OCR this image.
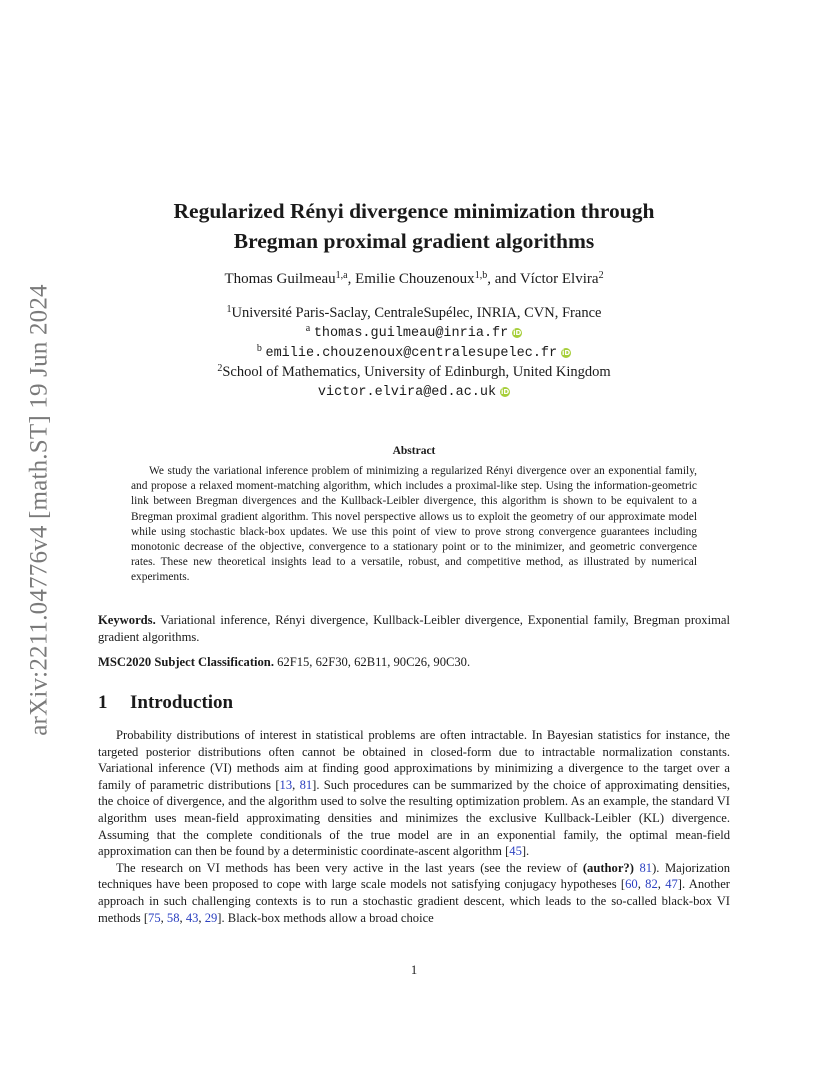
arXiv:2211.04776v4 [math.ST] 19 Jun 2024
Regularized Rényi divergence minimization through
Bregman proximal gradient algorithms
Thomas Guilmeau$^{1,a}$, Emilie Chouzenoux$^{1,b}$, and Víctor Elvira$^2$
$^1$Université Paris-Saclay, CentraleSupélec, INRIA, CVN, France
$^a$ thomas.guilmeau@inria.fr iD
$^b$ emilie.chouzenoux@centralesupelec.fr iD
$^2$School of Mathematics, University of Edinburgh, United Kingdom
victor.elvira@ed.ac.uk iD
Abstract
We study the variational inference problem of minimizing a regularized Rényi divergence over an exponential family, and propose a relaxed moment-matching algorithm, which includes a proximal-like step. Using the information-geometric link between Bregman divergences and the Kullback-Leibler divergence, this algorithm is shown to be equivalent to a Bregman proximal gradient algorithm. This novel perspective allows us to exploit the geometry of our approximate model while using stochastic black-box updates. We use this point of view to prove strong convergence guarantees including monotonic decrease of the objective, convergence to a stationary point or to the minimizer, and geometric convergence rates. These new theoretical insights lead to a versatile, robust, and competitive method, as illustrated by numerical experiments.
Keywords. Variational inference, Rényi divergence, Kullback-Leibler divergence, Exponential family, Bregman proximal gradient algorithms.
MSC2020 Subject Classification. 62F15, 62F30, 62B11, 90C26, 90C30.
1 Introduction

Probability distributions of interest in statistical problems are often intractable. In Bayesian statistics for instance, the targeted posterior distributions often cannot be obtained in closed-form due to intractable normalization constants. Variational inference (VI) methods aim at finding good approximations by minimizing a divergence to the target over a family of parametric distributions [13, 81]. Such procedures can be summarized by the choice of approximating densities, the choice of divergence, and the algorithm used to solve the resulting optimization problem. As an example, the standard VI algorithm uses mean-field approximating densities and minimizes the exclusive Kullback-Leibler (KL) divergence. Assuming that the complete conditionals of the true model are in an exponential family, the optimal mean-field approximation can then be found by a deterministic coordinate-ascent algorithm [45].

The research on VI methods has been very active in the last years (see the review of (author?) 81). Majorization techniques have been proposed to cope with large scale models not satisfying conjugacy hypotheses [60, 82, 47]. Another approach in such challenging contexts is to run a stochastic gradient descent, which leads to the so-called black-box VI methods [75, 58, 43, 29]. Black-box methods allow a broad choice

1
